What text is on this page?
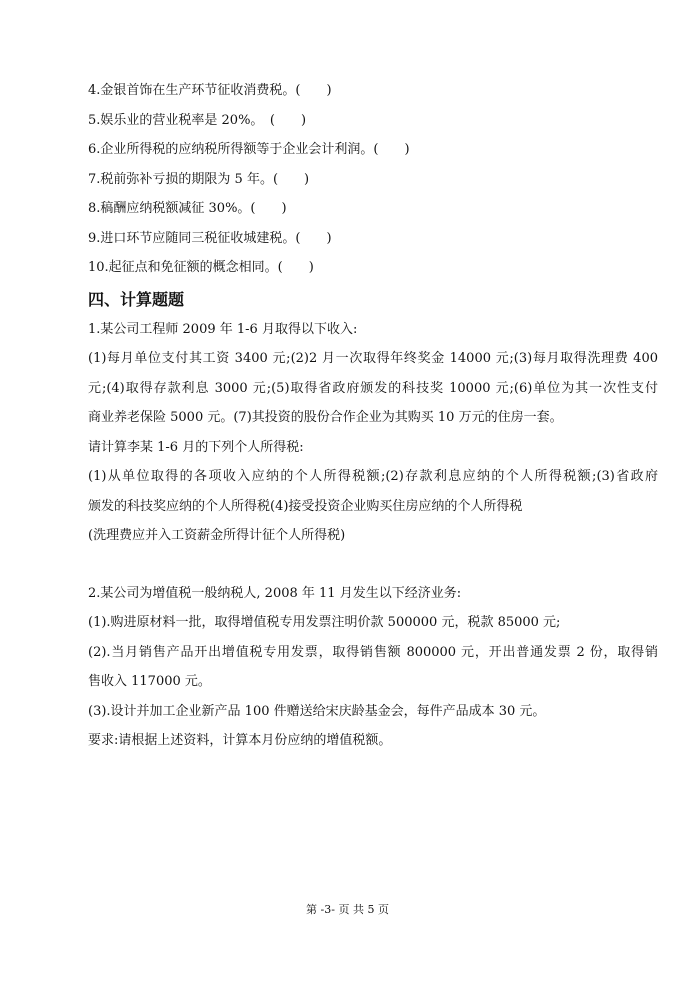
4.金银首饰在生产环节征收消费税。(　　)
5.娱乐业的营业税率是 20%。　(　　)
6.企业所得税的应纳税所得额等于企业会计利润。(　　)
7.税前弥补亏损的期限为 5 年。(　　)
8.稿酬应纳税额减征 30%。(　　)
9.进口环节应随同三税征收城建税。(　　)
10.起征点和免征额的概念相同。(　　)
四、计算题题
1.某公司工程师 2009 年 1-6 月取得以下收入:
(1)每月单位支付其工资 3400 元;(2)2 月一次取得年终奖金 14000 元;(3)每月取得洗理费 400
元;(4)取得存款利息 3000 元;(5)取得省政府颁发的科技奖 10000 元;(6)单位为其一次性支付
商业养老保险 5000 元。(7)其投资的股份合作企业为其购买 10 万元的住房一套。
请计算李某 1-6 月的下列个人所得税:
(1)从单位取得的各项收入应纳的个人所得税额;(2)存款利息应纳的个人所得税额;(3)省政府
颁发的科技奖应纳的个人所得税(4)接受投资企业购买住房应纳的个人所得税
(洗理费应并入工资薪金所得计征个人所得税)
2.某公司为增值税一般纳税人, 2008 年 11 月发生以下经济业务:
(1).购进原材料一批，取得增值税专用发票注明价款 500000 元，税款 85000 元;
(2).当月销售产品开出增值税专用发票，取得销售额 800000 元，开出普通发票 2 份，取得销
售收入 117000 元。
(3).设计并加工企业新产品 100 件赠送给宋庆龄基金会，每件产品成本 30 元。
要求:请根据上述资料，计算本月份应纳的增值税额。
第 -3- 页 共 5 页
